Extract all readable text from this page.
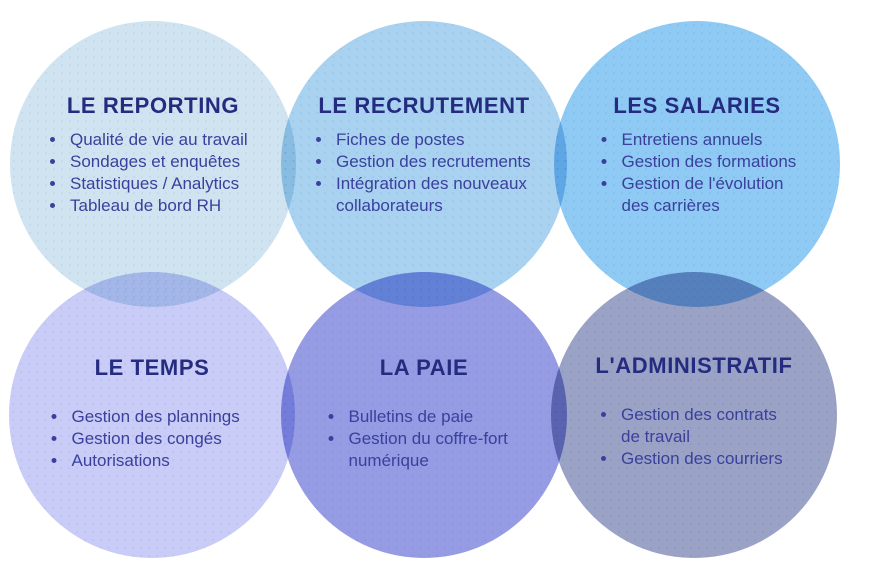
LE REPORTING
• Qualité de vie au travail
• Sondages et enquêtes
• Statistiques / Analytics
• Tableau de bord RH
LE RECRUTEMENT
• Fiches de postes
• Gestion des recrutements
• Intégration des nouveaux collaborateurs
LES SALARIES
• Entretiens annuels
• Gestion des formations
• Gestion de l'évolution des carrières
LE TEMPS
• Gestion des plannings
• Gestion des congés
• Autorisations
LA PAIE
• Bulletins de paie
• Gestion du coffre-fort numérique
L'ADMINISTRATIF
• Gestion des contrats de travail
• Gestion des courriers
